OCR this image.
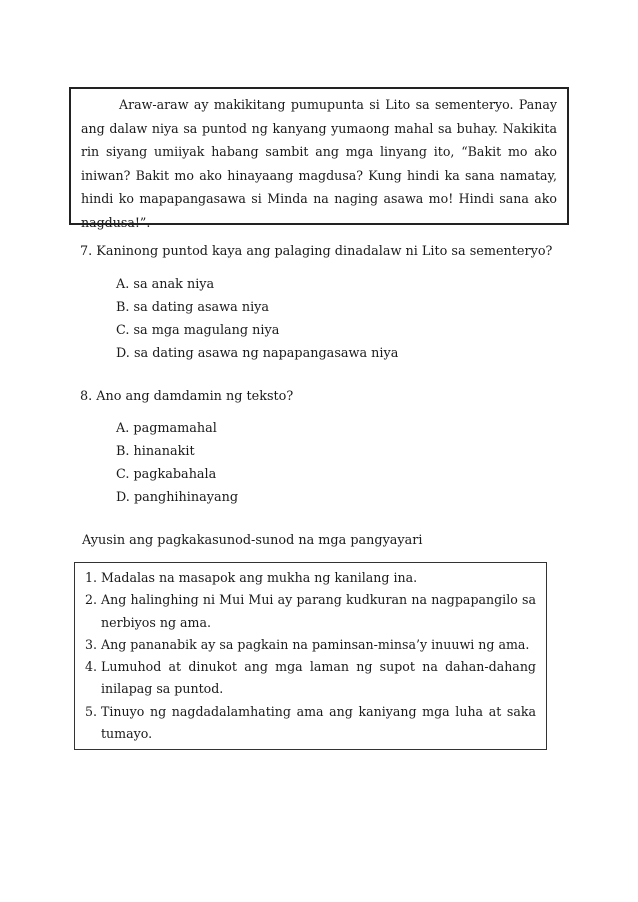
Araw-araw ay makikitang pumupunta si Lito sa sementeryo. Panay ang dalaw niya sa puntod ng kanyang yumaong mahal sa buhay. Nakikita rin siyang umiiyak habang sambit ang mga linyang ito, “Bakit mo ako iniwan? Bakit mo ako hinayaang magdusa? Kung hindi ka sana namatay, hindi ko mapapangasawa si Minda na naging asawa mo! Hindi sana ako nagdusa!”.

7. Kaninong puntod kaya ang palaging dinadalaw ni Lito sa sementeryo?
A. sa anak niya
B. sa dating asawa niya
C. sa mga magulang niya
D. sa dating asawa ng napapangasawa niya
8. Ano ang damdamin ng teksto?
A. pagmamahal
B. hinanakit
C. pagkabahala
D. panghihinayang
Ayusin ang pagkakasunod-sunod na mga pangyayari
1. Madalas na masapok ang mukha ng kanilang ina.
2. Ang halinghing ni Mui Mui ay parang kudkuran na nagpapangilo sa nerbiyos ng ama.
3. Ang pananabik ay sa pagkain na paminsan-minsa’y inuuwi ng ama.
4. Lumuhod at dinukot ang mga laman ng supot na dahan-dahang inilapag sa puntod.
5. Tinuyo ng nagdadalamhating ama ang kaniyang mga luha at saka tumayo.
